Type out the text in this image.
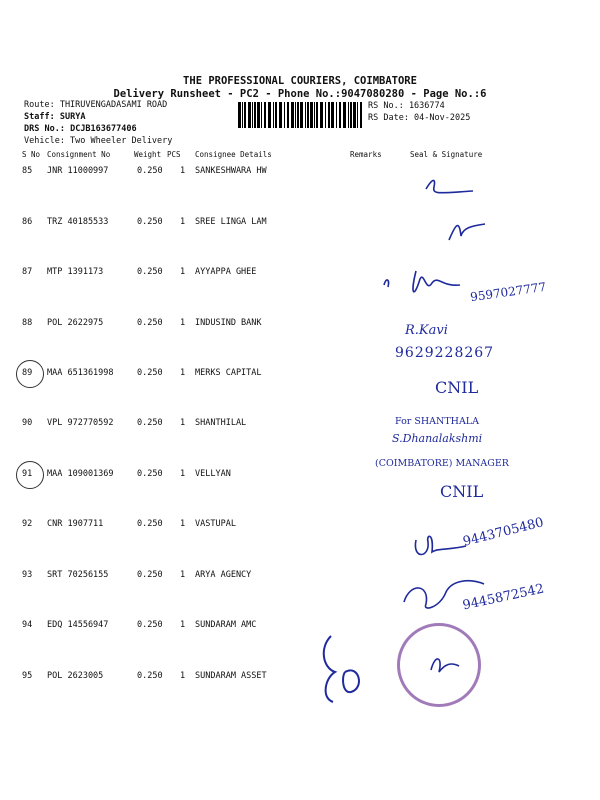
THE PROFESSIONAL COURIERS, COIMBATORE
Delivery Runsheet - PC2 - Phone No.:9047080280 - Page No.:6
Route: THIRUVENGADASAMI ROAD
Staff: SURYA
DRS No.: DCJB163677406
Vehicle: Two Wheeler Delivery
RS No.: 1636774
RS Date: 04-Nov-2025
S No Consignment No	Weight PCS Consignee Details	Remarks	Seal & Signature
85 JNR 11000997	0.250 1 SANKESHWARA HW
86 TRZ 40185533	0.250 1 SREE LINGA LAM
87 MTP 1391173	0.250 1 AYYAPPA GHEE
88 POL 2622975	0.250 1 INDUSIND BANK
89 MAA 651361998	0.250 1 MERKS CAPITAL
90 VPL 972770592	0.250 1 SHANTHILAL
91 MAA 109001369	0.250 1 VELLYAN
92 CNR 1907711	0.250 1 VASTUPAL
93 SRT 70256155	0.250 1 ARYA AGENCY
94 EDQ 14556947	0.250 1 SUNDARAM AMC
95 POL 2623005	0.250 1 SUNDARAM ASSET
9597027777
R.Kavi
9629228267
CNIL
For SHANTHALA
S.Dhanalakshmi
(COIMBATORE) MANAGER
CNIL
9443705480
9445872542
